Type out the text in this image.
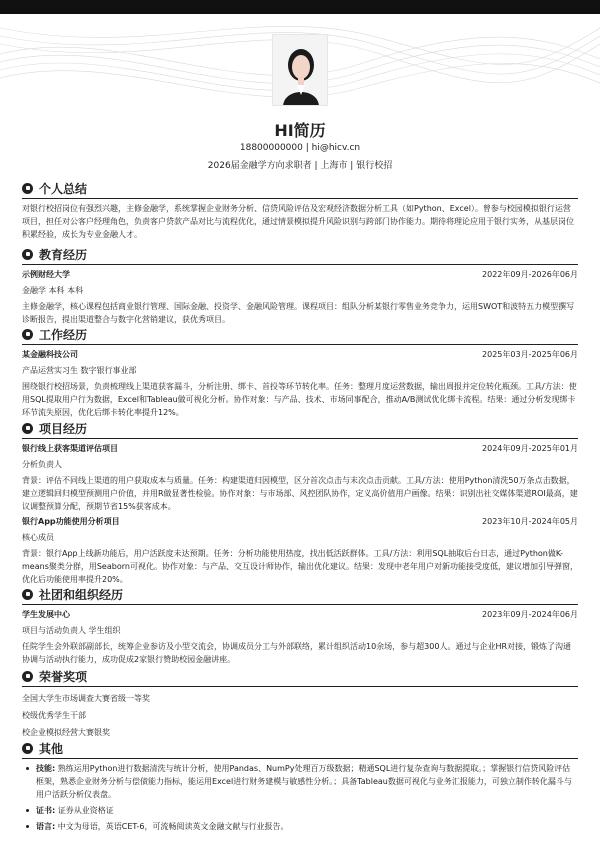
HI简历
18800000000 | hi@hicv.cn
2026届金融学方向求职者 | 上海市 | 银行校招
个人总结
对银行校招岗位有强烈兴趣，主修金融学，系统掌握企业财务分析、信贷风险评估及宏观经济数据分析工具（如Python、Excel）。曾参与校园模拟银行运营项目，担任对公客户经理角色，负责客户贷款产品对比与流程优化，通过情景模拟提升风险识别与跨部门协作能力。期待将理论应用于银行实务，从基层岗位积累经验，成长为专业金融人才。
教育经历
示例财经大学	2022年09月-2026年06月
金融学 本科 本科
主修金融学，核心课程包括商业银行管理、国际金融、投资学、金融风险管理。课程项目：组队分析某银行零售业务竞争力，运用SWOT和波特五力模型撰写诊断报告，提出渠道整合与数字化营销建议，获优秀项目。
工作经历
某金融科技公司	2025年03月-2025年06月
产品运营实习生 数字银行事业部
围绕银行校招场景，负责梳理线上渠道获客漏斗，分析注册、绑卡、首投等环节转化率。任务：整理月度运营数据，输出周报并定位转化瓶颈。工具/方法：使用SQL提取用户行为数据，Excel和Tableau做可视化分析。协作对象：与产品、技术、市场同事配合，推动A/B测试优化绑卡流程。结果：通过分析发现绑卡环节流失原因，优化后绑卡转化率提升12%。
项目经历
银行线上获客渠道评估项目	2024年09月-2025年01月
分析负责人
背景：评估不同线上渠道的用户获取成本与质量。任务：构建渠道归因模型，区分首次点击与末次点击贡献。工具/方法：使用Python清洗50万条点击数据，建立逻辑回归模型预测用户价值，并用R做显著性检验。协作对象：与市场部、风控团队协作，定义高价值用户画像。结果：识别出社交媒体渠道ROI最高，建议调整预算分配，预期节省15%获客成本。
银行App功能使用分析项目	2023年10月-2024年05月
核心成员
背景：银行App上线新功能后，用户活跃度未达预期。任务：分析功能使用热度，找出低活跃群体。工具/方法：利用SQL抽取后台日志，通过Python做K-means聚类分群，用Seaborn可视化。协作对象：与产品、交互设计师协作，输出优化建议。结果：发现中老年用户对新功能接受度低，建议增加引导弹窗，优化后功能使用率提升20%。
社团和组织经历
学生发展中心	2023年09月-2024年06月
项目与活动负责人 学生组织
任院学生会外联部副部长，统筹企业参访及小型交流会，协调成员分工与外部联络，累计组织活动10余场，参与超300人。通过与企业HR对接，锻炼了沟通协调与活动执行能力，成功促成2家银行赞助校园金融讲座。
荣誉奖项
全国大学生市场调查大赛省级一等奖
校级优秀学生干部
校企业模拟经营大赛银奖
其他
技能: 熟练运用Python进行数据清洗与统计分析，使用Pandas、NumPy处理百万级数据；精通SQL进行复杂查询与数据提取。；掌握银行信贷风险评估框架，熟悉企业财务分析与偿债能力指标，能运用Excel进行财务建模与敏感性分析。；具备Tableau数据可视化与业务汇报能力，可独立制作转化漏斗与用户活跃分析仪表盘。
证书: 证券从业资格证
语言: 中文为母语，英语CET-6，可流畅阅读英文金融文献与行业报告。
